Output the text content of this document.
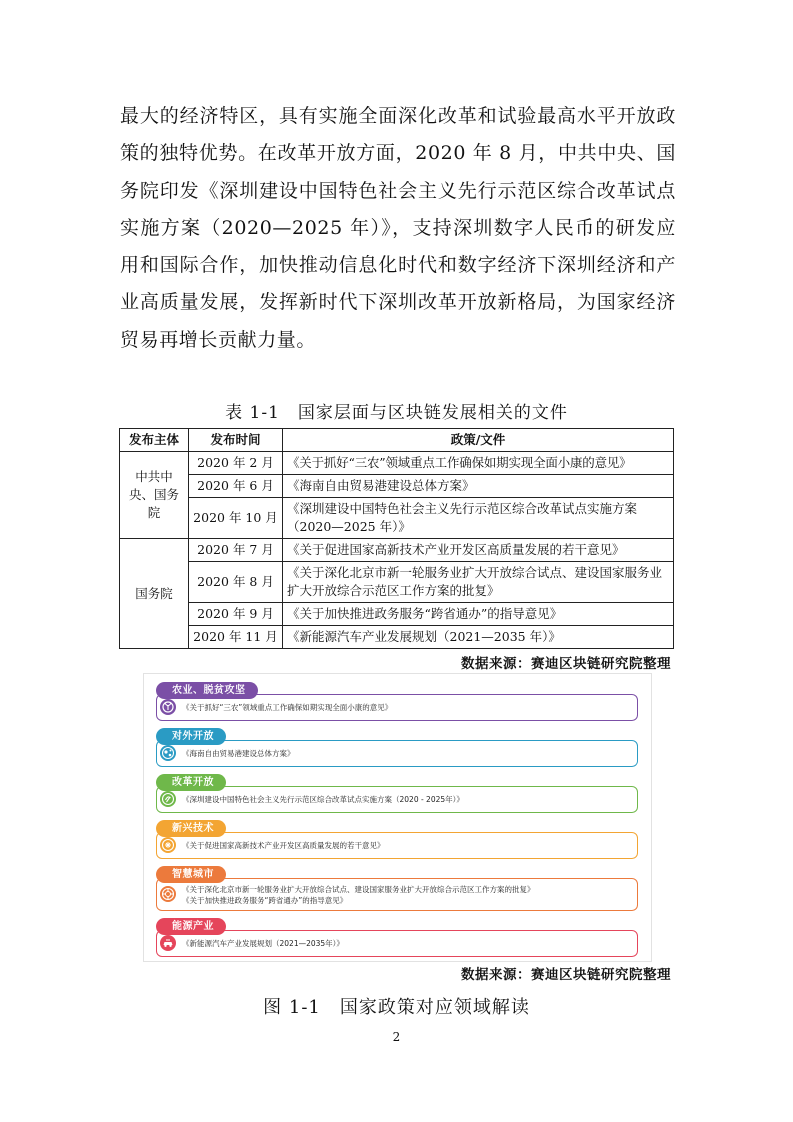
最大的经济特区，具有实施全面深化改革和试验最高水平开放政策的独特优势。在改革开放方面，2020 年 8 月，中共中央、国务院印发《深圳建设中国特色社会主义先行示范区综合改革试点实施方案（2020—2025 年）》，支持深圳数字人民币的研发应用和国际合作，加快推动信息化时代和数字经济下深圳经济和产业高质量发展，发挥新时代下深圳改革开放新格局，为国家经济贸易再增长贡献力量。
表 1-1　国家层面与区块链发展相关的文件
发布主体	发布时间	政策/文件
中共中央、国务院	2020 年 2 月	《关于抓好“三农”领域重点工作确保如期实现全面小康的意见》
	2020 年 6 月	《海南自由贸易港建设总体方案》
	2020 年 10 月	《深圳建设中国特色社会主义先行示范区综合改革试点实施方案（2020—2025 年）》
国务院	2020 年 7 月	《关于促进国家高新技术产业开发区高质量发展的若干意见》
	2020 年 8 月	《关于深化北京市新一轮服务业扩大开放综合试点、建设国家服务业扩大开放综合示范区工作方案的批复》
	2020 年 9 月	《关于加快推进政务服务“跨省通办”的指导意见》
	2020 年 11 月	《新能源汽车产业发展规划（2021—2035 年）》
数据来源：赛迪区块链研究院整理
《关于抓好“三农”领域重点工作确保如期实现全面小康的意见》
农业、脱贫攻坚
《海南自由贸易港建设总体方案》
对外开放
《深圳建设中国特色社会主义先行示范区综合改革试点实施方案（2020 - 2025年）》
改革开放
《关于促进国家高新技术产业开发区高质量发展的若干意见》
新兴技术
《关于深化北京市新一轮服务业扩大开放综合试点、建设国家服务业扩大开放综合示范区工作方案的批复》
《关于加快推进政务服务“跨省通办”的指导意见》
智慧城市
《新能源汽车产业发展规划（2021—2035年）》
能源产业
数据来源：赛迪区块链研究院整理
图 1-1　国家政策对应领域解读
2
